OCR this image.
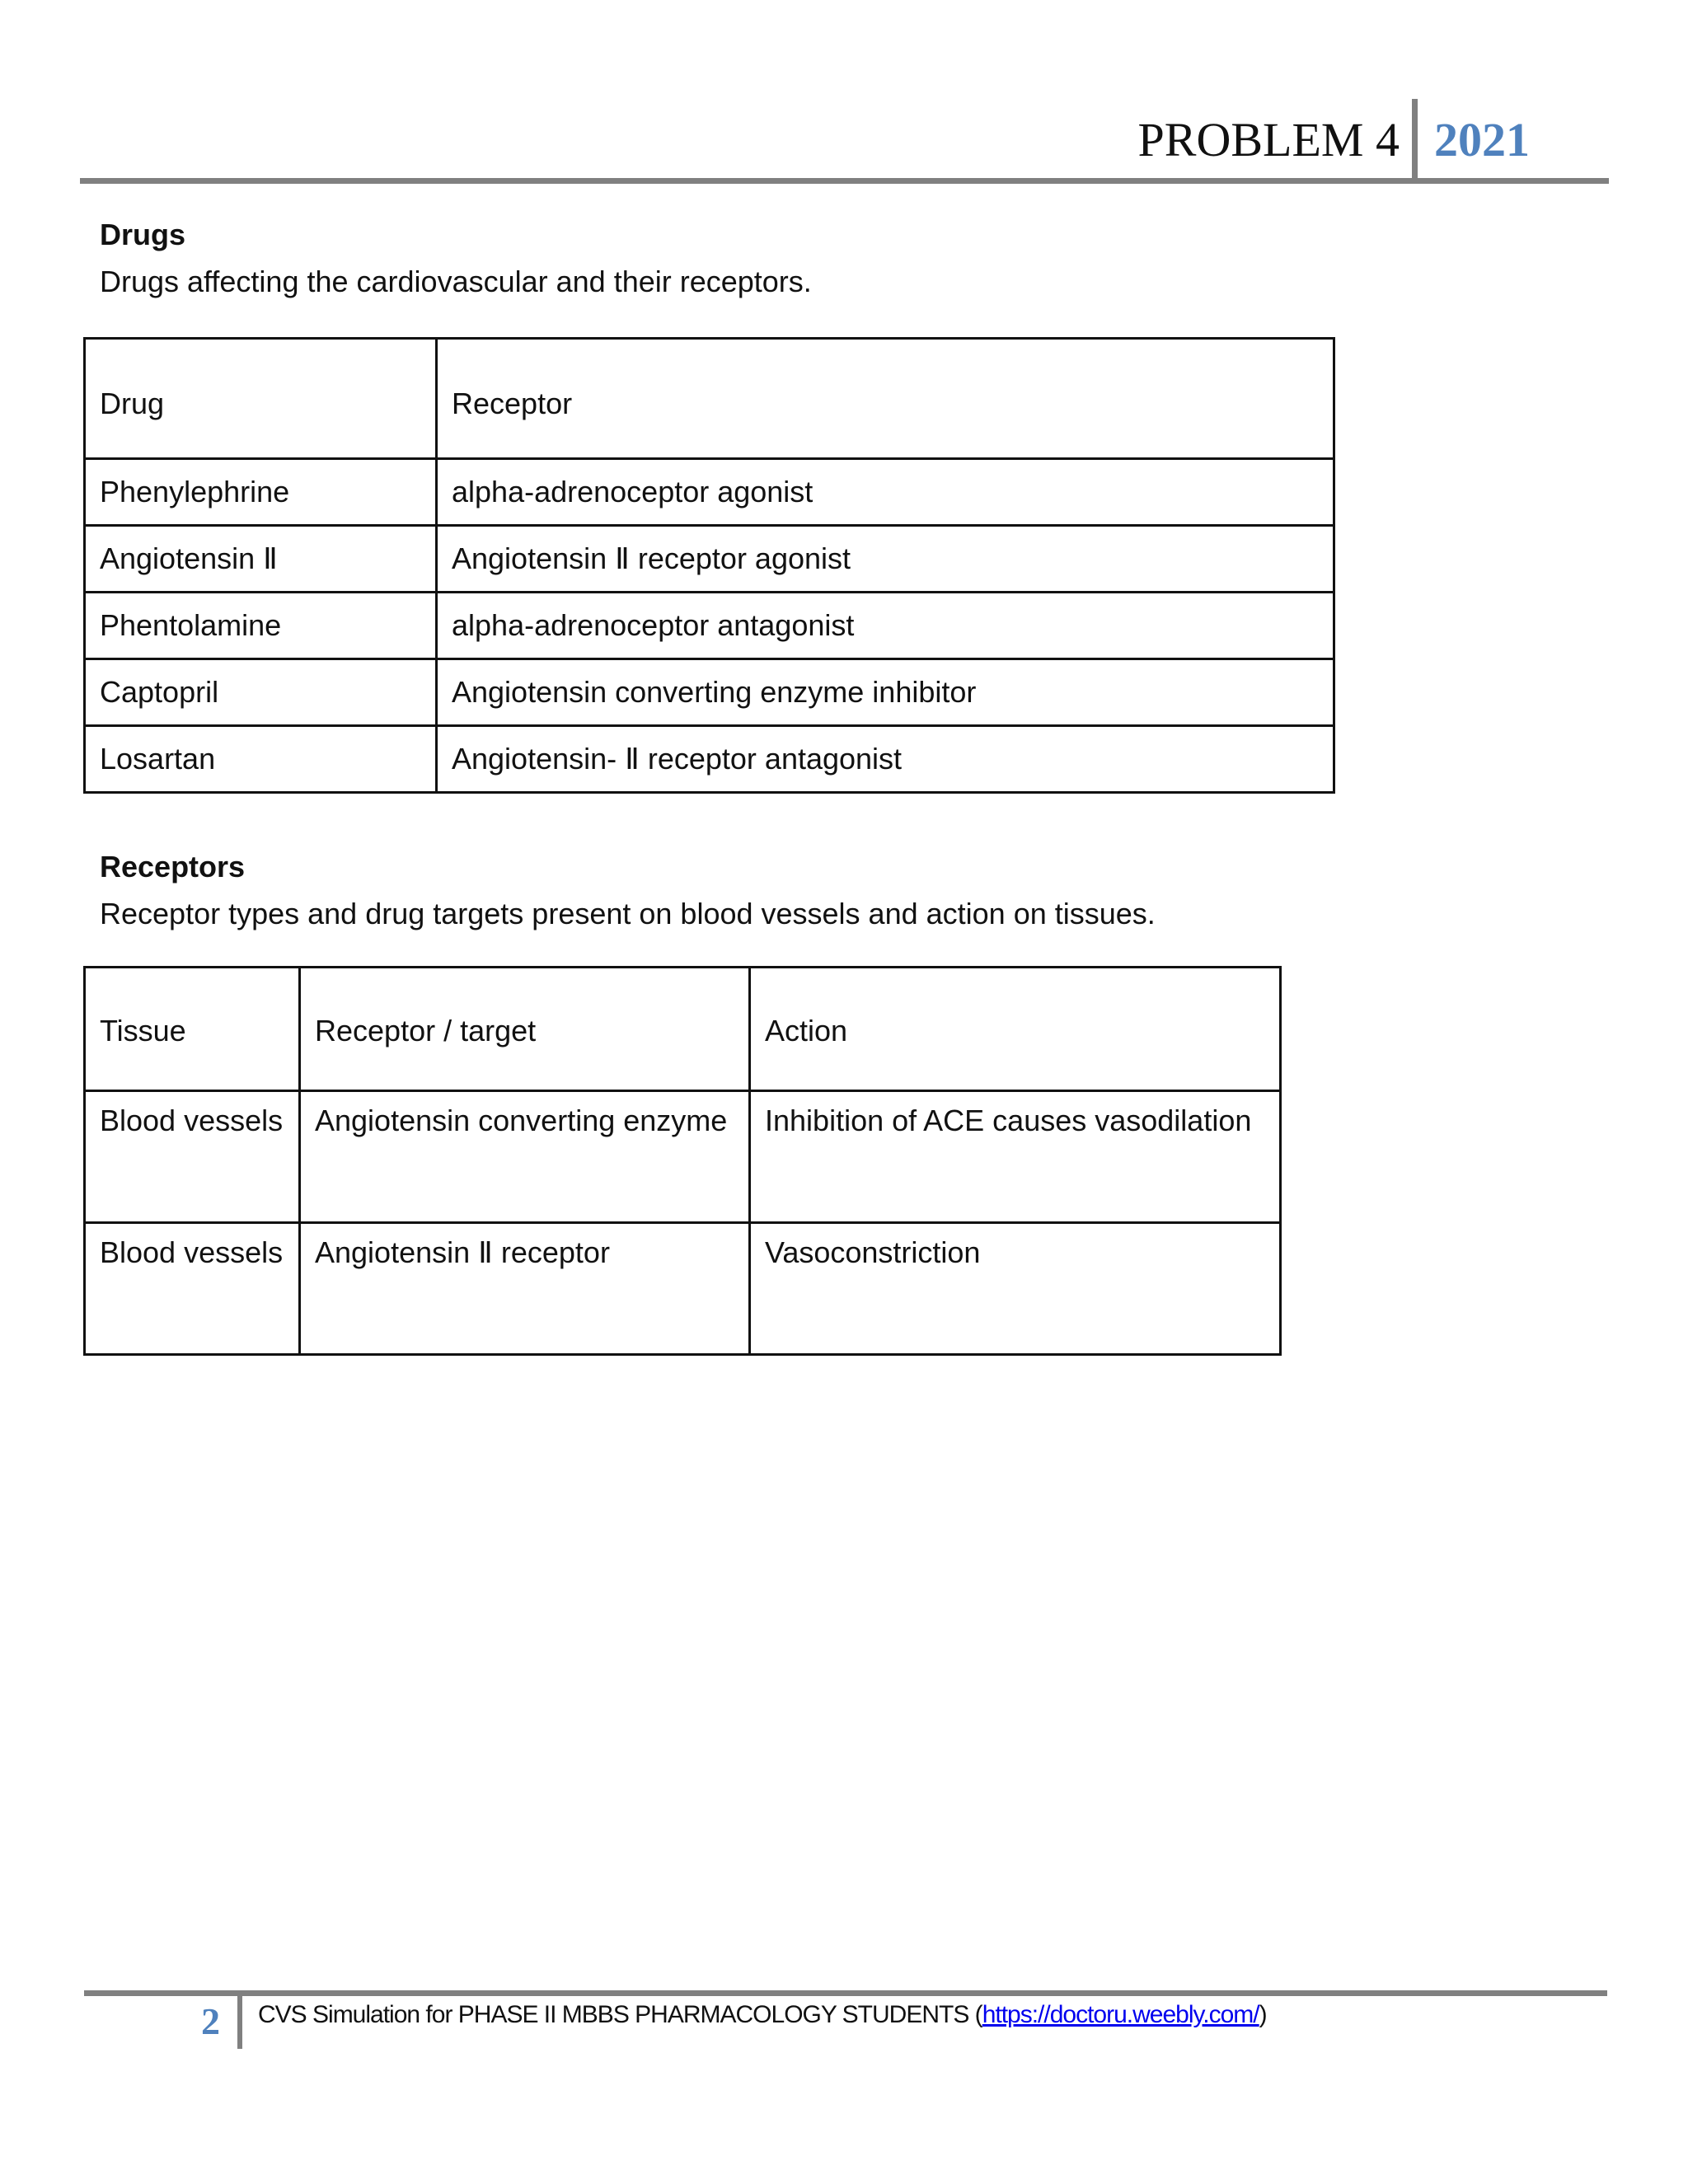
PROBLEM 4 2021
Drugs
Drugs affecting the cardiovascular and their receptors.
Drug	Receptor
Phenylephrine	alpha-adrenoceptor agonist
Angiotensin Ⅱ	Angiotensin Ⅱ receptor agonist
Phentolamine	alpha-adrenoceptor antagonist
Captopril	Angiotensin converting enzyme inhibitor
Losartan	Angiotensin- Ⅱ receptor antagonist
Receptors
Receptor types and drug targets present on blood vessels and action on tissues.
Tissue	Receptor / target	Action
Blood vessels	Angiotensin converting enzyme	Inhibition of ACE causes vasodilation
Blood vessels	Angiotensin Ⅱ receptor	Vasoconstriction
2 CVS Simulation for PHASE II MBBS PHARMACOLOGY STUDENTS (https://doctoru.weebly.com/)
